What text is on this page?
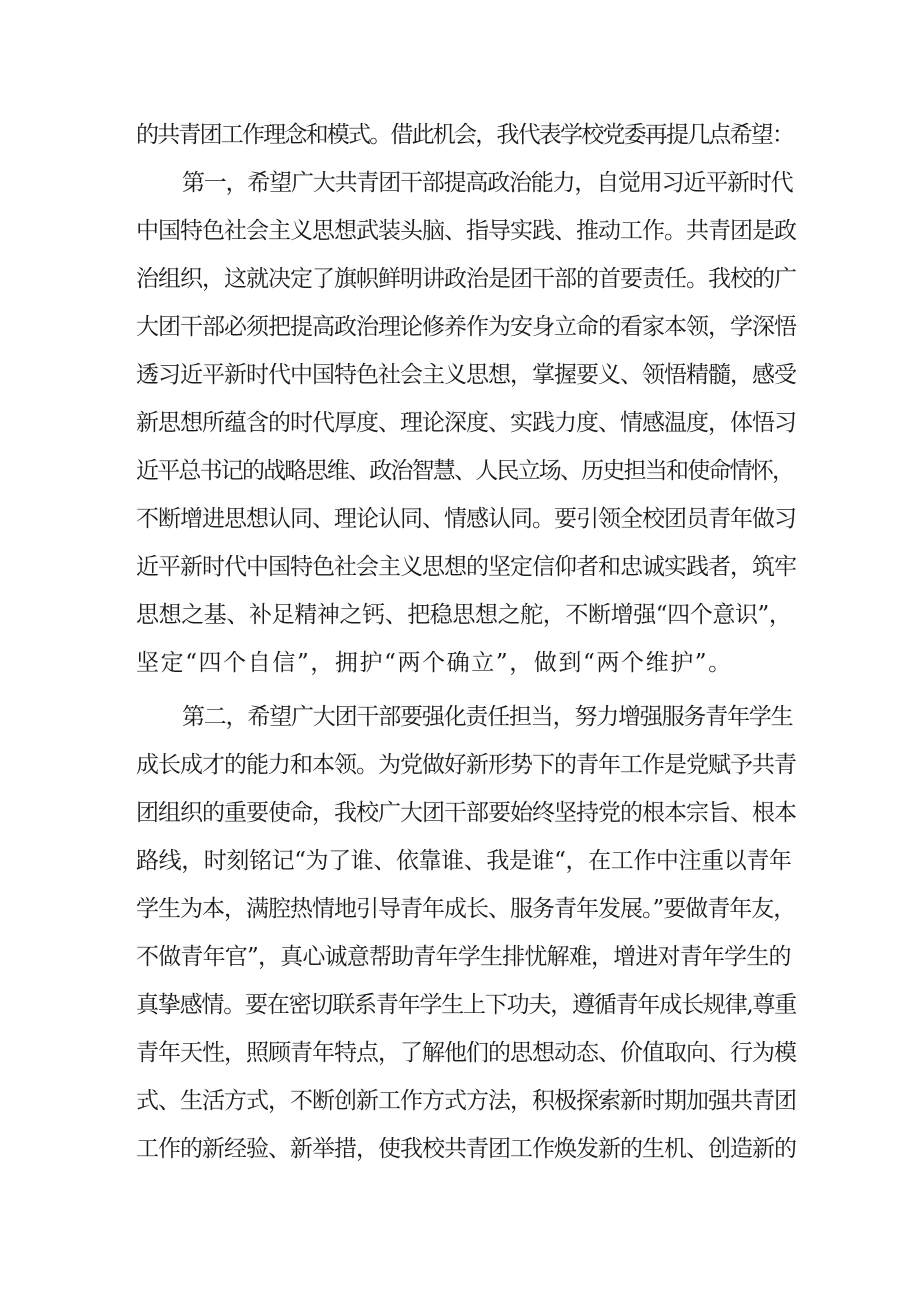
的共青团工作理念和模式。借此机会，我代表学校党委再提几点希望：
第一，希望广大共青团干部提高政治能力，自觉用习近平新时代
中国特色社会主义思想武装头脑、指导实践、推动工作。共青团是政
治组织，这就决定了旗帜鲜明讲政治是团干部的首要责任。我校的广
大团干部必须把提高政治理论修养作为安身立命的看家本领，学深悟
透习近平新时代中国特色社会主义思想，掌握要义、领悟精髓，感受
新思想所蕴含的时代厚度、理论深度、实践力度、情感温度，体悟习
近平总书记的战略思维、政治智慧、人民立场、历史担当和使命情怀，
不断增进思想认同、理论认同、情感认同。要引领全校团员青年做习
近平新时代中国特色社会主义思想的坚定信仰者和忠诚实践者，筑牢
思想之基、补足精神之钙、把稳思想之舵，不断增强“四个意识”，
坚定“四个自信”，拥护“两个确立”，做到“两个维护”。
第二，希望广大团干部要强化责任担当，努力增强服务青年学生
成长成才的能力和本领。为党做好新形势下的青年工作是党赋予共青
团组织的重要使命，我校广大团干部要始终坚持党的根本宗旨、根本
路线，时刻铭记“为了谁、依靠谁、我是谁“，在工作中注重以青年
学生为本，满腔热情地引导青年成长、服务青年发展。”要做青年友，
不做青年官”，真心诚意帮助青年学生排忧解难，增进对青年学生的
真挚感情。要在密切联系青年学生上下功夫，遵循青年成长规律,尊重
青年天性，照顾青年特点，了解他们的思想动态、价值取向、行为模
式、生活方式，不断创新工作方式方法，积极探索新时期加强共青团
工作的新经验、新举措，使我校共青团工作焕发新的生机、创造新的
